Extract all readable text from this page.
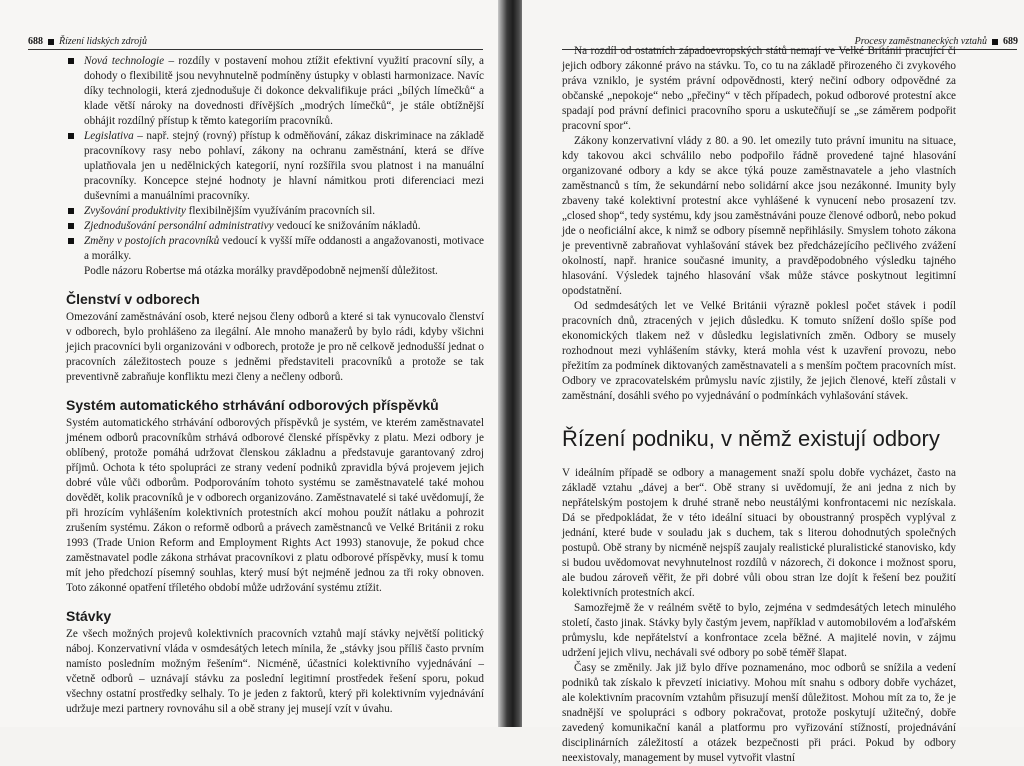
688 Řízení lidských zdrojů
Nová technologie – rozdíly v postavení mohou ztížit efektivní využití pracovní síly, a dohody o flexibilitě jsou nevyhnutelně podmíněny ústupky v oblasti harmonizace. Navíc díky technologii, která zjednodušuje či dokonce dekvalifikuje práci „bílých límečků“ a klade větší nároky na dovednosti dřívějších „modrých límečků“, je stále obtížnější obhájit rozdílný přístup k těmto kategoriím pracovníků.
Legislativa – např. stejný (rovný) přístup k odměňování, zákaz diskriminace na základě pracovníkovy rasy nebo pohlaví, zákony na ochranu zaměstnání, která se dříve uplatňovala jen u nedělnických kategorií, nyní rozšířila svou platnost i na manuální pracovníky. Koncepce stejné hodnoty je hlavní námitkou proti diferenciaci mezi duševními a manuálními pracovníky.
Zvyšování produktivity flexibilnějším využíváním pracovních sil.
Zjednodušování personální administrativy vedoucí ke snižováním nákladů.
Změny v postojích pracovníků vedoucí k vyšší míře oddanosti a angažovanosti, motivace a morálky.

Podle názoru Robertse má otázka morálky pravděpodobně nejmenší důležitost.

Členství v odborech

Omezování zaměstnávání osob, které nejsou členy odborů a které si tak vynucovalo členství v odborech, bylo prohlášeno za ilegální. Ale mnoho manažerů by bylo rádi, kdyby všichni jejich pracovníci byli organizováni v odborech, protože je pro ně celkově jednodušší jednat o pracovních záležitostech pouze s jedněmi představiteli pracovníků a protože se tak preventivně zabraňuje konfliktu mezi členy a nečleny odborů.

Systém automatického strhávání odborových příspěvků

Systém automatického strhávání odborových příspěvků je systém, ve kterém zaměstnavatel jménem odborů pracovníkům strhává odborové členské příspěvky z platu. Mezi odbory je oblíbený, protože pomáhá udržovat členskou základnu a představuje garantovaný zdroj příjmů. Ochota k této spolupráci ze strany vedení podniků zpravidla bývá projevem jejich dobré vůle vůči odborům. Podporováním tohoto systému se zaměstnavatelé také mohou dovědět, kolik pracovníků je v odborech organizováno. Zaměstnavatelé si také uvědomují, že při hrozícím vyhlášením kolektivních protestních akcí mohou použít nátlaku a pohrozit zrušením systému. Zákon o reformě odborů a právech zaměstnanců ve Velké Británii z roku 1993 (Trade Union Reform and Employment Rights Act 1993) stanovuje, že pokud chce zaměstnavatel podle zákona strhávat pracovníkovi z platu odborové příspěvky, musí k tomu mít jeho předchozí písemný souhlas, který musí být nejméně jednou za tři roky obnoven. Toto zákonné opatření tříletého období může udržování systému ztížit.

Stávky

Ze všech možných projevů kolektivních pracovních vztahů mají stávky největší politický náboj. Konzervativní vláda v osmdesátých letech mínila, že „stávky jsou příliš často prvním namísto posledním možným řešením“. Nicméně, účastníci kolektivního vyjednávání – včetně odborů – uznávají stávku za poslední legitimní prostředek řešení sporu, pokud všechny ostatní prostředky selhaly. To je jeden z faktorů, který při kolektivním vyjednávání udržuje mezi partnery rovnováhu sil a obě strany jej musejí vzít v úvahu.

Procesy zaměstnaneckých vztahů 689

Na rozdíl od ostatních západoevropských států nemají ve Velké Británii pracující či jejich odbory zákonné právo na stávku. To, co tu na základě přirozeného či zvykového práva vzniklo, je systém právní odpovědnosti, který nečiní odbory odpovědné za občanské „nepokoje“ nebo „přečiny“ v těch případech, pokud odborové protestní akce spadají pod právní definici pracovního sporu a uskutečňují se „se záměrem podpořit pracovní spor“.

Zákony konzervativní vlády z 80. a 90. let omezily tuto právní imunitu na situace, kdy takovou akci schválilo nebo podpořilo řádně provedené tajné hlasování organizované odbory a kdy se akce týká pouze zaměstnavatele a jeho vlastních zaměstnanců s tím, že sekundární nebo solidární akce jsou nezákonné. Imunity byly zbaveny také kolektivní protestní akce vyhlášené k vynucení nebo prosazení tzv. „closed shop“, tedy systému, kdy jsou zaměstnáváni pouze členové odborů, nebo pokud jde o neoficiální akce, k nimž se odbory písemně nepřihlásily. Smyslem tohoto zákona je preventivně zabraňovat vyhlašování stávek bez předcházejícího pečlivého zvážení okolností, např. hranice současné imunity, a pravděpodobného výsledku tajného hlasování. Výsledek tajného hlasování však může stávce poskytnout legitimní opodstatnění.

Od sedmdesátých let ve Velké Británii výrazně poklesl počet stávek i podíl pracovních dnů, ztracených v jejich důsledku. K tomuto snížení došlo spíše pod ekonomických tlakem než v důsledku legislativních změn. Odbory se musely rozhodnout mezi vyhlášením stávky, která mohla vést k uzavření provozu, nebo přežitím za podmínek diktovaných zaměstnavateli a s menším počtem pracovních míst. Odbory ve zpracovatelském průmyslu navíc zjistily, že jejich členové, kteří zůstali v zaměstnání, dosáhli svého po vyjednávání o podmínkách vyhlašování stávek.

Řízení podniku, v němž existují odbory

V ideálním případě se odbory a management snaží spolu dobře vycházet, často na základě vztahu „dávej a ber“. Obě strany si uvědomují, že ani jedna z nich by nepřátelským postojem k druhé straně nebo neustálými konfrontacemi nic nezískala. Dá se předpokládat, že v této ideální situaci by oboustranný prospěch vyplýval z jednání, které bude v souladu jak s duchem, tak s literou dohodnutých společných postupů. Obě strany by nicméně nejspíš zaujaly realistické pluralistické stanovisko, kdy si budou uvědomovat nevyhnutelnost rozdílů v názorech, či dokonce i možnost sporu, ale budou zároveň věřit, že při dobré vůli obou stran lze dojít k řešení bez použití kolektivních protestních akcí.

Samozřejmě že v reálném světě to bylo, zejména v sedmdesátých letech minulého století, často jinak. Stávky byly častým jevem, například v automobilovém a loďařském průmyslu, kde nepřátelství a konfrontace zcela běžné. A majitelé novin, v zájmu udržení jejich vlivu, nechávali své odbory po sobě téměř šlapat.

Časy se změnily. Jak již bylo dříve poznamenáno, moc odborů se snížila a vedení podniků tak získalo k převzetí iniciativy. Mohou mít snahu s odbory dobře vycházet, ale kolektivním pracovním vztahům přisuzují menší důležitost. Mohou mít za to, že je snadnější ve spolupráci s odbory pokračovat, protože poskytují užitečný, dobře zavedený komunikační kanál a platformu pro vyřizování stížností, projednávání disciplinárních záležitostí a otázek bezpečnosti při práci. Pokud by odbory neexistovaly, management by musel vytvořit vlastní
